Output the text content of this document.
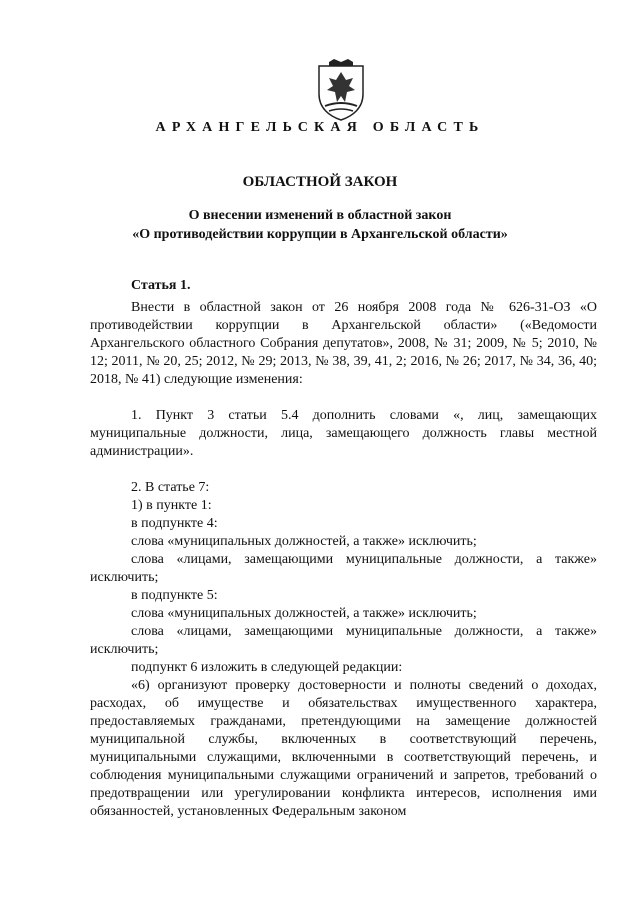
АРХАНГЕЛЬСКАЯ ОБЛАСТЬ
ОБЛАСТНОЙ ЗАКОН
О внесении изменений в областной закон
«О противодействии коррупции в Архангельской области»
Статья 1.

Внести в областной закон от 26 ноября 2008 года № 626-31-ОЗ «О противодействии коррупции в Архангельской области» («Ведомости Архангельского областного Собрания депутатов», 2008, № 31; 2009, № 5; 2010, № 12; 2011, № 20, 25; 2012, № 29; 2013, № 38, 39, 41, 2; 2016, № 26; 2017, № 34, 36, 40; 2018, № 41) следующие изменения:

1. Пункт 3 статьи 5.4 дополнить словами «, лиц, замещающих муниципальные должности, лица, замещающего должность главы местной администрации».

2. В статье 7:

1) в пункте 1:

в подпункте 4:

слова «муниципальных должностей, а также» исключить;

слова «лицами, замещающими муниципальные должности, а также» исключить;

в подпункте 5:

слова «муниципальных должностей, а также» исключить;

слова «лицами, замещающими муниципальные должности, а также» исключить;

подпункт 6 изложить в следующей редакции:

«6) организуют проверку достоверности и полноты сведений о доходах, расходах, об имуществе и обязательствах имущественного характера, предоставляемых гражданами, претендующими на замещение должностей муниципальной службы, включенных в соответствующий перечень, муниципальными служащими, включенными в соответствующий перечень, и соблюдения муниципальными служащими ограничений и запретов, требований о предотвращении или урегулировании конфликта интересов, исполнения ими обязанностей, установленных Федеральным законом
